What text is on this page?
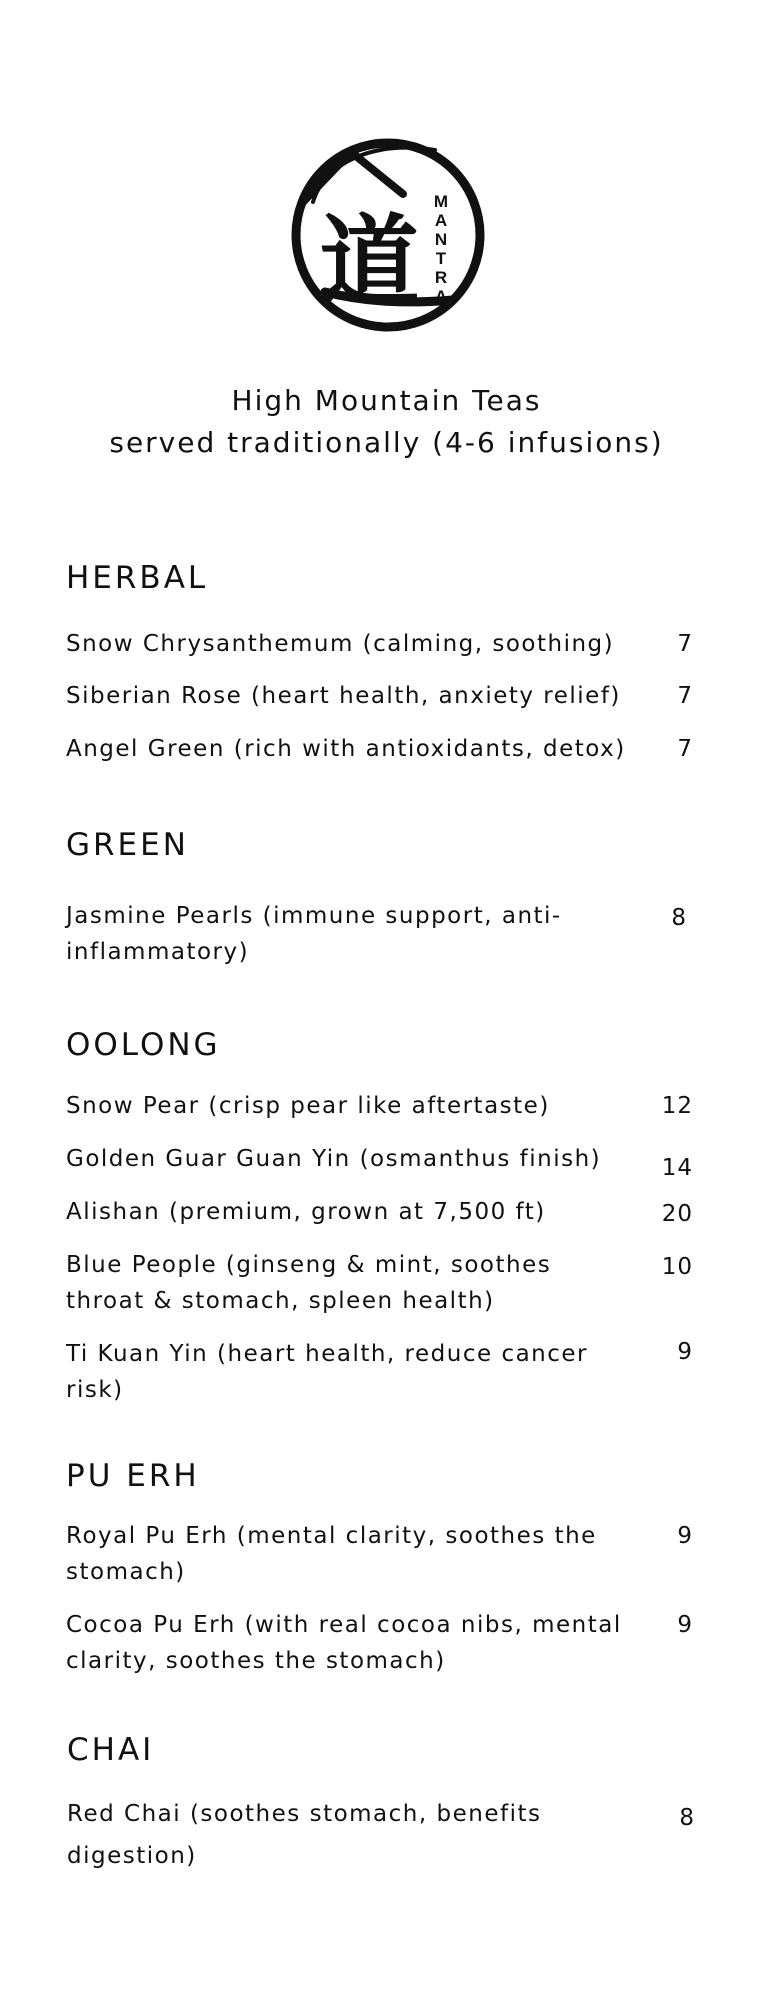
道
M
A
N
T
R
A
High Mountain Teas
served traditionally (4-6 infusions)
HERBAL
Snow Chrysanthemum (calming, soothing)	7
Siberian Rose (heart health, anxiety relief)	7
Angel Green (rich with antioxidants, detox)	7
GREEN
Jasmine Pearls (immune support, anti-inflammatory)
8
OOLONG
Snow Pear (crisp pear like aftertaste)	12
Golden Guar Guan Yin (osmanthus finish)	14
Alishan (premium, grown at 7,500 ft)	20
Blue People (ginseng & mint, soothes throat & stomach, spleen health)
10
Ti Kuan Yin (heart health, reduce cancer risk)
9
PU ERH
Royal Pu Erh (mental clarity, soothes the stomach)
9
Cocoa Pu Erh (with real cocoa nibs, mental clarity, soothes the stomach)
9
CHAI
Red Chai (soothes stomach, benefits digestion)
8
